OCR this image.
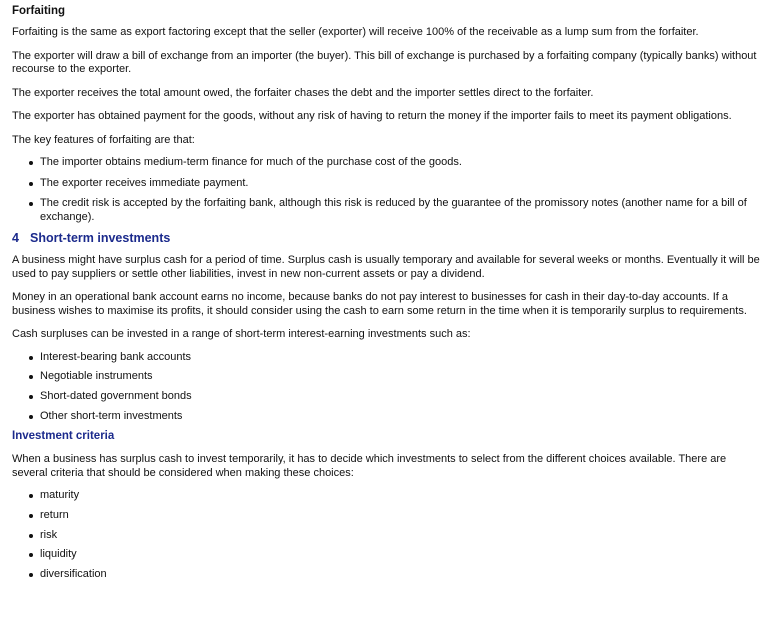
Forfaiting

Forfaiting is the same as export factoring except that the seller (exporter) will receive 100% of the receivable as a lump sum from the forfaiter.

The exporter will draw a bill of exchange from an importer (the buyer). This bill of exchange is purchased by a forfaiting company (typically banks) without recourse to the exporter.

The exporter receives the total amount owed, the forfaiter chases the debt and the importer settles direct to the forfaiter.

The exporter has obtained payment for the goods, without any risk of having to return the money if the importer fails to meet its payment obligations.

The key features of forfaiting are that:

The importer obtains medium-term finance for much of the purchase cost of the goods.
The exporter receives immediate payment.
The credit risk is accepted by the forfaiting bank, although this risk is reduced by the guarantee of the promissory notes (another name for a bill of exchange).
4 Short-term investments

A business might have surplus cash for a period of time. Surplus cash is usually temporary and available for several weeks or months. Eventually it will be used to pay suppliers or settle other liabilities, invest in new non-current assets or pay a dividend.

Money in an operational bank account earns no income, because banks do not pay interest to businesses for cash in their day-to-day accounts. If a business wishes to maximise its profits, it should consider using the cash to earn some return in the time when it is temporarily surplus to requirements.

Cash surpluses can be invested in a range of short-term interest-earning investments such as:

Interest-bearing bank accounts
Negotiable instruments
Short-dated government bonds
Other short-term investments
Investment criteria

When a business has surplus cash to invest temporarily, it has to decide which investments to select from the different choices available. There are several criteria that should be considered when making these choices:

maturity
return
risk
liquidity
diversification
